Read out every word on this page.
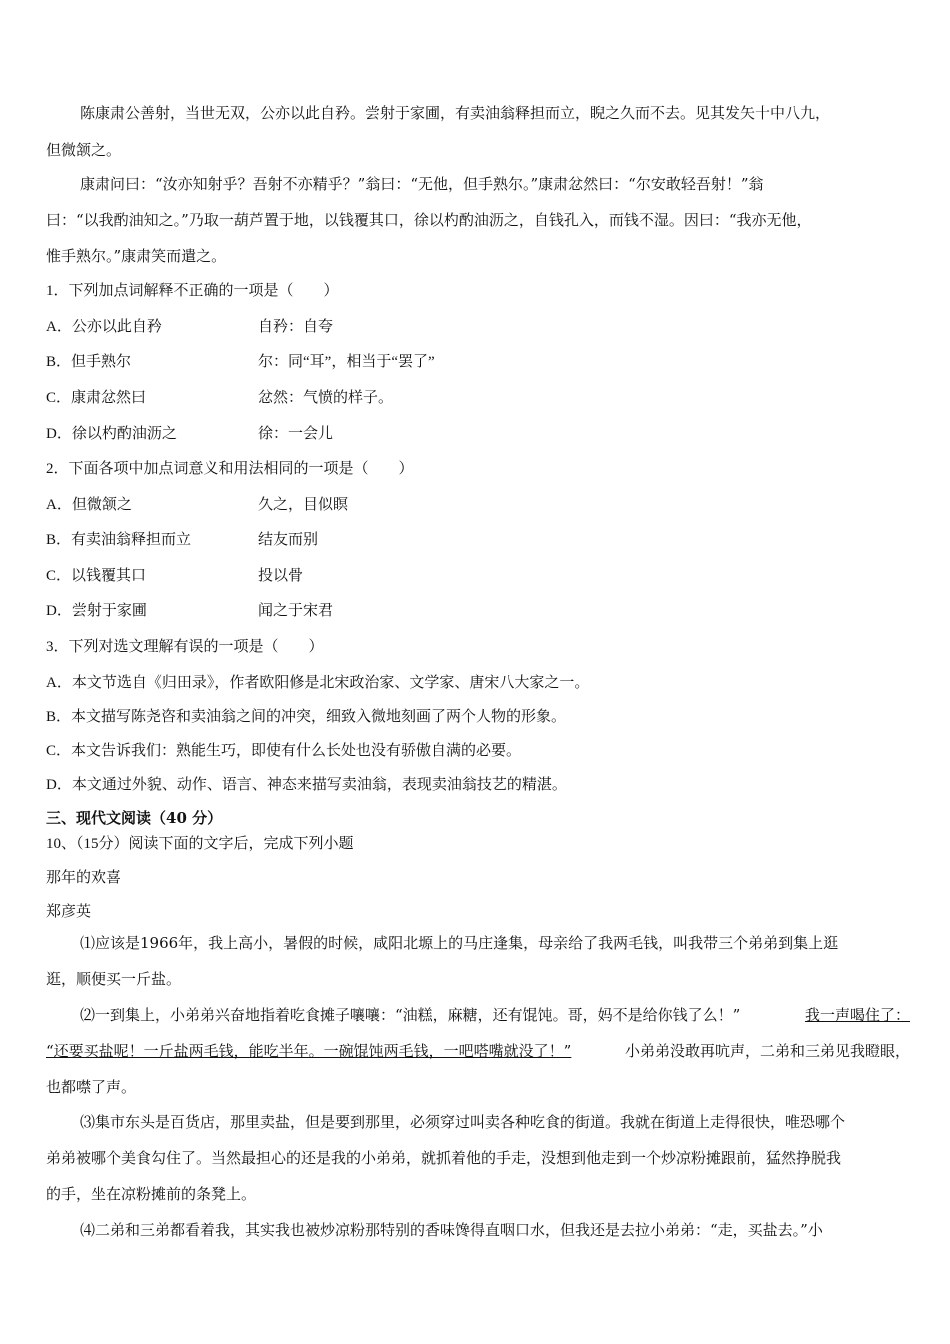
陈康肃公善射，当世无双，公亦以此自矜。尝射于家圃，有卖油翁释担而立，睨之久而不去。见其发矢十中八九，
但微颔之。
康肃问曰：“汝亦知射乎？吾射不亦精乎？”翁曰：“无他，但手熟尔。”康肃忿然曰：“尔安敢轻吾射！”翁
曰：“以我酌油知之。”乃取一葫芦置于地，以钱覆其口，徐以杓酌油沥之，自钱孔入，而钱不湿。因曰：“我亦无他，
惟手熟尔。”康肃笑而遣之。
1．下列加点词解释不正确的一项是（　　）
A．公亦以此自矜	自矜：自夸
B．但手熟尔	尔：同“耳”，相当于“罢了”
C．康肃忿然曰	忿然：气愤的样子。
D．徐以杓酌油沥之	徐：一会儿
2．下面各项中加点词意义和用法相同的一项是（　　）
A．但微颔之	久之，目似瞑
B．有卖油翁释担而立	结友而别
C．以钱覆其口	投以骨
D．尝射于家圃	闻之于宋君
3．下列对选文理解有误的一项是（　　）
A．本文节选自《归田录》，作者欧阳修是北宋政治家、文学家、唐宋八大家之一。
B．本文描写陈尧咨和卖油翁之间的冲突，细致入微地刻画了两个人物的形象。
C．本文告诉我们：熟能生巧，即使有什么长处也没有骄傲自满的必要。
D．本文通过外貌、动作、语言、神态来描写卖油翁，表现卖油翁技艺的精湛。
三、现代文阅读（40 分）
10、（15分）阅读下面的文字后，完成下列小题
那年的欢喜
郑彦英
⑴应该是1966年，我上高小，暑假的时候，咸阳北塬上的马庄逢集，母亲给了我两毛钱，叫我带三个弟弟到集上逛
逛，顺便买一斤盐。
⑵一到集上，小弟弟兴奋地指着吃食摊子嚷嚷：“油糕，麻糖，还有馄饨。哥，妈不是给你钱了么！”	我一声喝住了：
“还要买盐呢！一斤盐两毛钱，能吃半年。一碗馄饨两毛钱，一吧嗒嘴就没了！”	小弟弟没敢再吭声，二弟和三弟见我瞪眼，
也都噤了声。
⑶集市东头是百货店，那里卖盐，但是要到那里，必须穿过叫卖各种吃食的街道。我就在街道上走得很快，唯恐哪个
弟弟被哪个美食勾住了。当然最担心的还是我的小弟弟，就抓着他的手走，没想到他走到一个炒凉粉摊跟前，猛然挣脱我
的手，坐在凉粉摊前的条凳上。
⑷二弟和三弟都看着我，其实我也被炒凉粉那特别的香味馋得直咽口水，但我还是去拉小弟弟：“走，买盐去。”小
